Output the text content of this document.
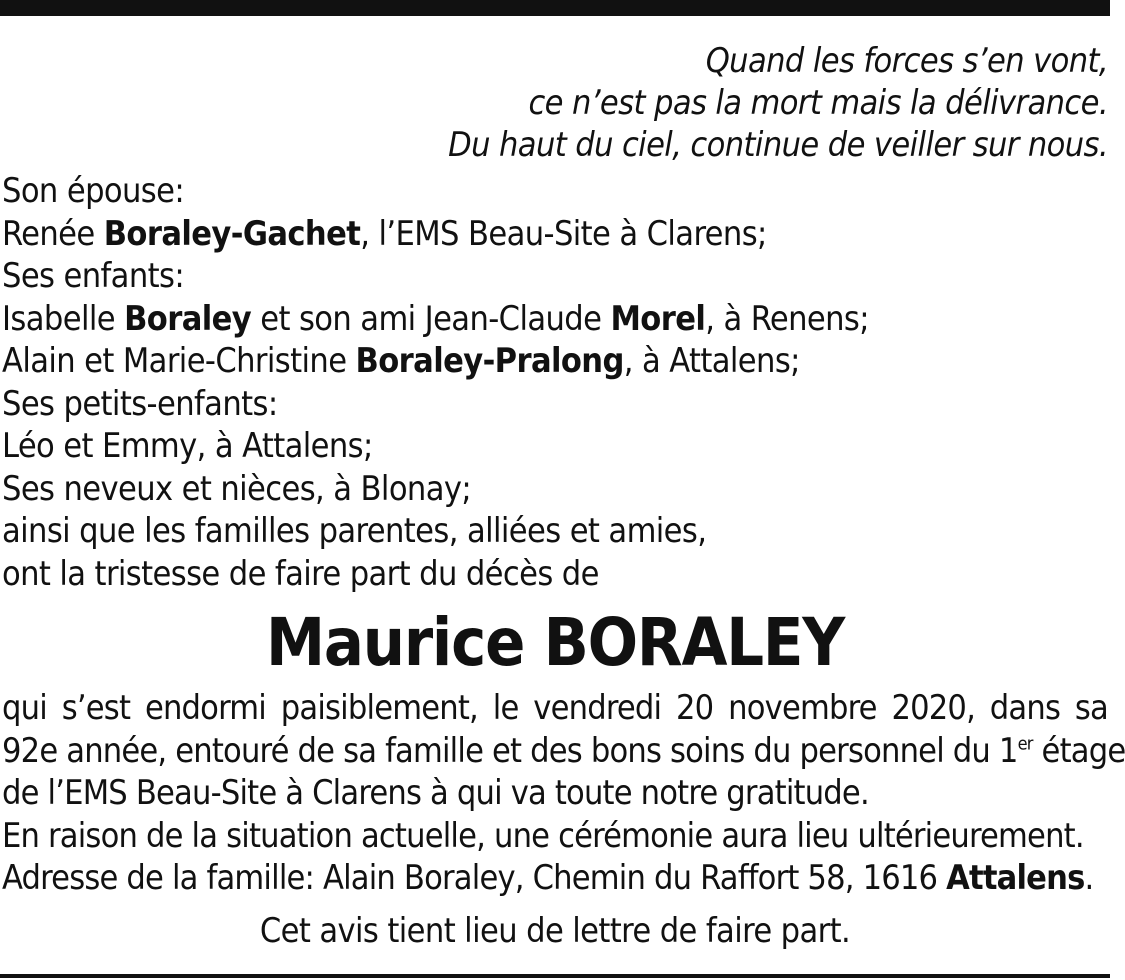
Quand les forces s’en vont,
ce n’est pas la mort mais la délivrance.
Du haut du ciel, continue de veiller sur nous.
Son épouse:
Renée Boraley-Gachet, l’EMS Beau-Site à Clarens;
Ses enfants:
Isabelle Boraley et son ami Jean-Claude Morel, à Renens;
Alain et Marie-Christine Boraley-Pralong, à Attalens;
Ses petits-enfants:
Léo et Emmy, à Attalens;
Ses neveux et nièces, à Blonay;
ainsi que les familles parentes, alliées et amies,
ont la tristesse de faire part du décès de
Maurice BORALEY
qui s’est endormi paisiblement, le vendredi 20 novembre 2020, dans sa
92e année, entouré de sa famille et des bons soins du personnel du 1er étage
de l’EMS Beau-Site à Clarens à qui va toute notre gratitude.
En raison de la situation actuelle, une cérémonie aura lieu ultérieurement.
Adresse de la famille: Alain Boraley, Chemin du Raffort 58, 1616 Attalens.
Cet avis tient lieu de lettre de faire part.
